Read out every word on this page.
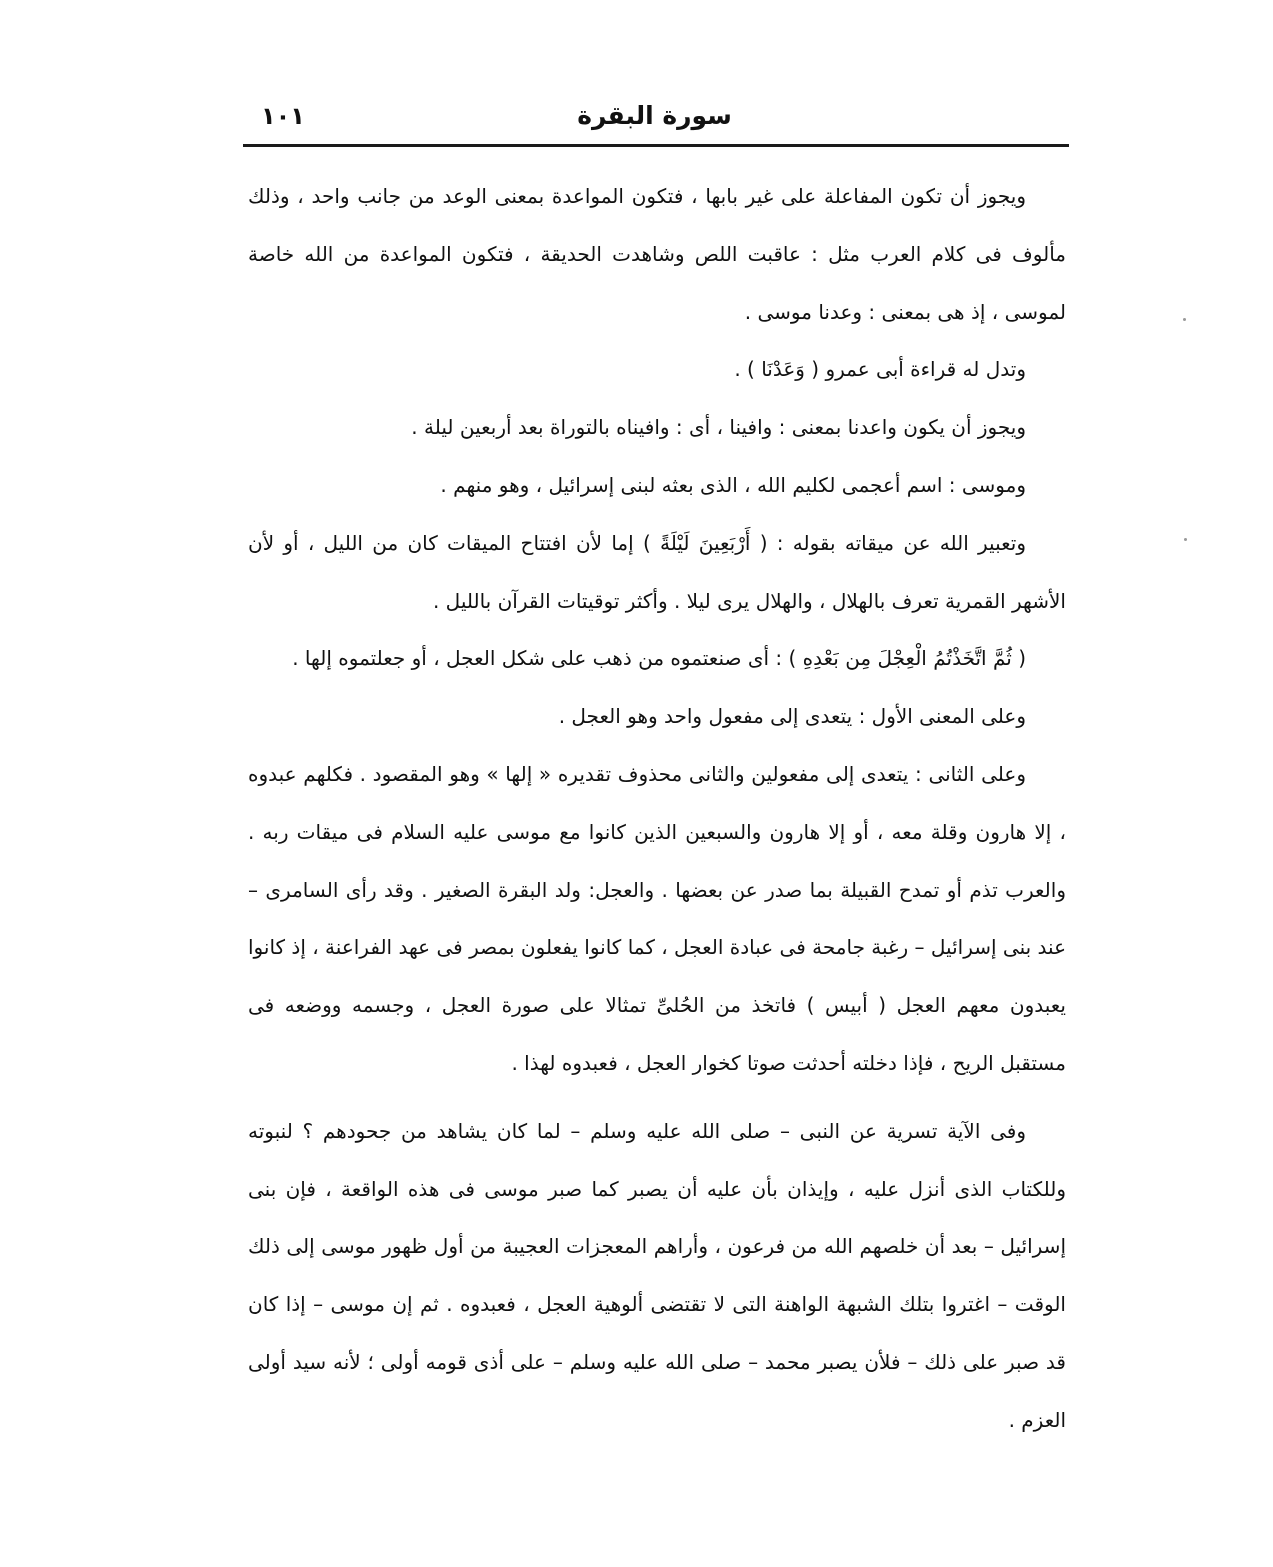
سورة البقرة
١٠١

ويجوز أن تكون المفاعلة على غير بابها ، فتكون المواعدة بمعنى الوعد من جانب واحد ، وذلك مألوف فى كلام العرب مثل : عاقبت اللص وشاهدت الحديقة ، فتكون المواعدة من الله خاصة لموسى ، إذ هى بمعنى : وعدنا موسى .

وتدل له قراءة أبى عمرو ( وَعَدْنَا ) .

ويجوز أن يكون واعدنا بمعنى : وافينا ، أى : وافيناه بالتوراة بعد أربعين ليلة .

وموسى : اسم أعجمى لكليم الله ، الذى بعثه لبنى إسرائيل ، وهو منهم .

وتعبير الله عن ميقاته بقوله : ( أَرْبَعِينَ لَيْلَةً ) إما لأن افتتاح الميقات كان من الليل ، أو لأن الأشهر القمرية تعرف بالهلال ، والهلال يرى ليلا . وأكثر توقيتات القرآن بالليل .

( ثُمَّ اتَّخَذْتُمُ الْعِجْلَ مِن بَعْدِهِ ) : أى صنعتموه من ذهب على شكل العجل ، أو جعلتموه إلها .

وعلى المعنى الأول : يتعدى إلى مفعول واحد وهو العجل .

وعلى الثانى : يتعدى إلى مفعولين والثانى محذوف تقديره « إلها » وهو المقصود . فكلهم عبدوه ، إلا هارون وقلة معه ، أو إلا هارون والسبعين الذين كانوا مع موسى عليه السلام فى ميقات ربه . والعرب تذم أو تمدح القبيلة بما صدر عن بعضها . والعجل: ولد البقرة الصغير . وقد رأى السامرى – عند بنى إسرائيل – رغبة جامحة فى عبادة العجل ، كما كانوا يفعلون بمصر فى عهد الفراعنة ، إذ كانوا يعبدون معهم العجل ( أبيس ) فاتخذ من الحُلىِّ تمثالا على صورة العجل ، وجسمه ووضعه فى مستقبل الريح ، فإذا دخلته أحدثت صوتا كخوار العجل ، فعبدوه لهذا .

وفى الآية تسرية عن النبى – صلى الله عليه وسلم – لما كان يشاهد من جحودهم ؟ لنبوته وللكتاب الذى أنزل عليه ، وإيذان بأن عليه أن يصبر كما صبر موسى فى هذه الواقعة ، فإن بنى إسرائيل – بعد أن خلصهم الله من فرعون ، وأراهم المعجزات العجيبة من أول ظهور موسى إلى ذلك الوقت – اغتروا بتلك الشبهة الواهنة التى لا تقتضى ألوهية العجل ، فعبدوه . ثم إن موسى – إذا كان قد صبر على ذلك – فلأن يصبر محمد – صلى الله عليه وسلم – على أذى قومه أولى ؛ لأنه سيد أولى العزم .
